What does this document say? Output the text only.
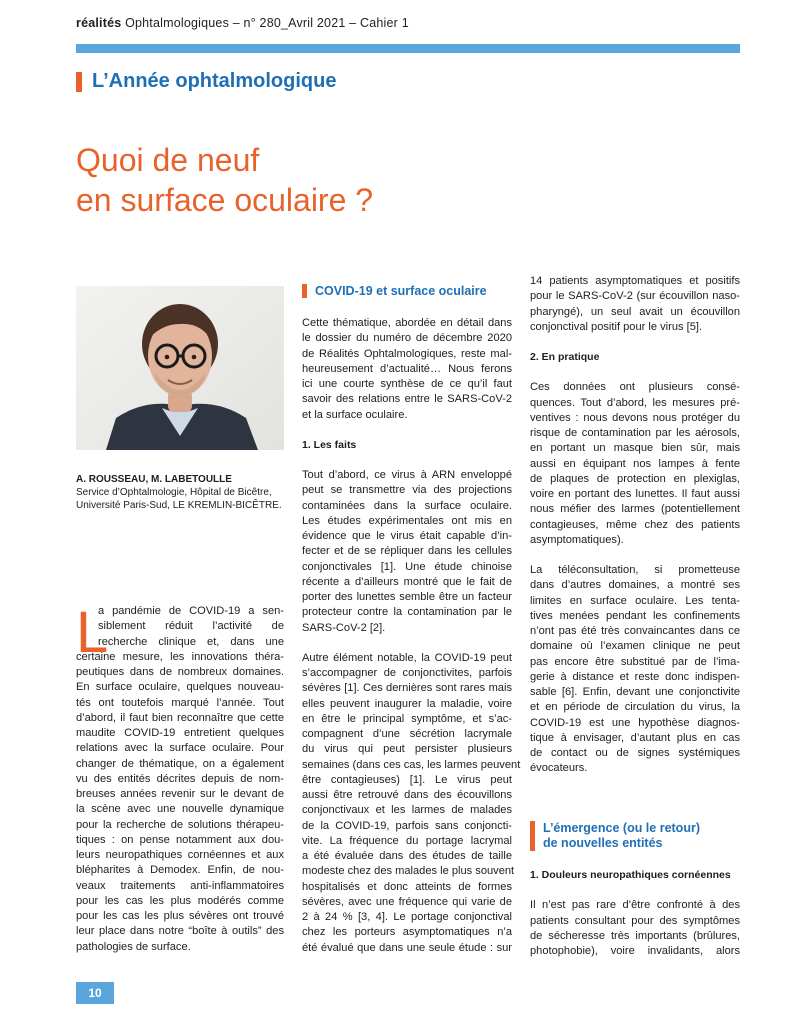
réalités Ophtalmologiques – n° 280_Avril 2021 – Cahier 1
L’Année ophtalmologique
Quoi de neuf
en surface oculaire ?
A. ROUSSEAU, M. LABETOULLE
Service d’Ophtalmologie, Hôpital de Bicêtre,
Université Paris-Sud, LE KREMLIN-BICÊTRE.
L
a pandémie de COVID-19 a sen-
siblement réduit l’activité de
recherche clinique et, dans une
certaine mesure, les innovations théra-
peutiques dans de nombreux domaines.
En surface oculaire, quelques nouveau-
tés ont toutefois marqué l’année. Tout
d’abord, il faut bien reconnaître que cette
maudite COVID-19 entretient quelques
relations avec la surface oculaire. Pour
changer de thématique, on a également
vu des entités décrites depuis de nom-
breuses années revenir sur le devant de
la scène avec une nouvelle dynamique
pour la recherche de solutions thérapeu-
tiques : on pense notamment aux dou-
leurs neuropathiques cornéennes et aux
blépharites à Demodex. Enfin, de nou-
veaux traitements anti-inflammatoires
pour les cas les plus modérés comme
pour les cas les plus sévères ont trouvé
leur place dans notre “boîte à outils” des
pathologies de surface.
COVID-19 et surface oculaire

Cette thématique, abordée en détail dans
le dossier du numéro de décembre 2020
de Réalités Ophtalmologiques, reste mal-
heureusement d’actualité… Nous ferons
ici une courte synthèse de ce qu’il faut
savoir des relations entre le SARS-CoV-2
et la surface oculaire.

1. Les faits

Tout d’abord, ce virus à ARN enveloppé
peut se transmettre via des projections
contaminées dans la surface oculaire.
Les études expérimentales ont mis en
évidence que le virus était capable d’in-
fecter et de se répliquer dans les cellules
conjonctivales [1]. Une étude chinoise
récente a d’ailleurs montré que le fait de
porter des lunettes semble être un facteur
protecteur contre la contamination par le
SARS-CoV-2 [2].

Autre élément notable, la COVID-19 peut
s’accompagner de conjonctivites, parfois
sévères [1]. Ces dernières sont rares mais
elles peuvent inaugurer la maladie, voire
en être le principal symptôme, et s’ac-
compagnent d’une sécrétion lacrymale
du virus qui peut persister plusieurs
semaines (dans ces cas, les larmes peuvent
être contagieuses) [1]. Le virus peut
aussi être retrouvé dans des écouvillons
conjonctivaux et les larmes de malades
de la COVID-19, parfois sans conjoncti-
vite. La fréquence du portage lacrymal
a été évaluée dans des études de taille
modeste chez des malades le plus souvent
hospitalisés et donc atteints de formes
sévères, avec une fréquence qui varie de
2 à 24 % [3, 4]. Le portage conjonctival
chez les porteurs asymptomatiques n’a
été évalué que dans une seule étude : sur

14 patients asymptomatiques et positifs
pour le SARS-CoV-2 (sur écouvillon naso-
pharyngé), un seul avait un écouvillon
conjonctival positif pour le virus [5].

2. En pratique

Ces données ont plusieurs consé-
quences. Tout d’abord, les mesures pré-
ventives : nous devons nous protéger du
risque de contamination par les aérosols,
en portant un masque bien sûr, mais
aussi en équipant nos lampes à fente
de plaques de protection en plexiglas,
voire en portant des lunettes. Il faut aussi
nous méfier des larmes (potentiellement
contagieuses, même chez des patients
asymptomatiques).

La téléconsultation, si prometteuse
dans d’autres domaines, a montré ses
limites en surface oculaire. Les tenta-
tives menées pendant les confinements
n’ont pas été très convaincantes dans ce
domaine où l’examen clinique ne peut
pas encore être substitué par de l’ima-
gerie à distance et reste donc indispen-
sable [6]. Enfin, devant une conjonctivite
et en période de circulation du virus, la
COVID-19 est une hypothèse diagnos-
tique à envisager, d’autant plus en cas
de contact ou de signes systémiques
évocateurs.

L’émergence (ou le retour)
de nouvelles entités

1. Douleurs neuropathiques cornéennes

Il n’est pas rare d’être confronté à des
patients consultant pour des symptômes
de sécheresse très importants (brûlures,
photophobie), voire invalidants, alors

10
